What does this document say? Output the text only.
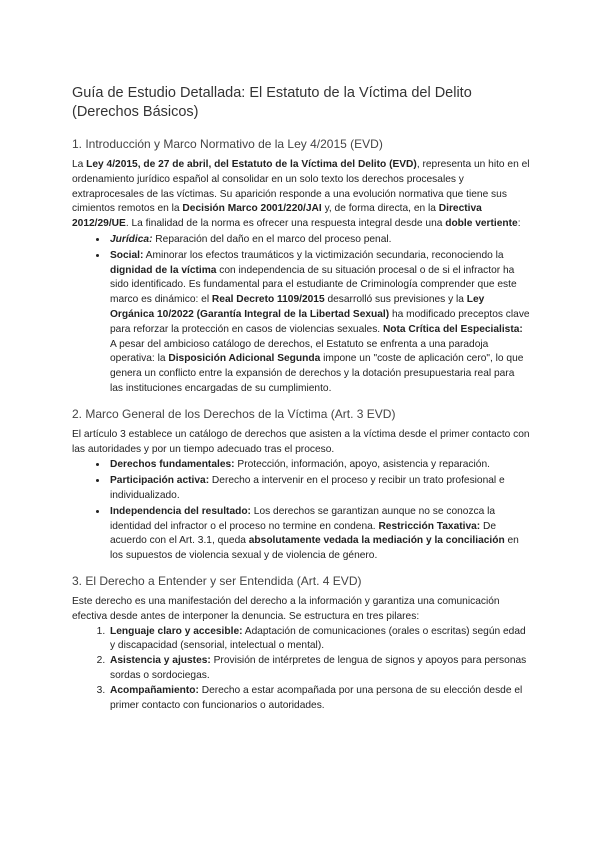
Guía de Estudio Detallada: El Estatuto de la Víctima del Delito (Derechos Básicos)
1. Introducción y Marco Normativo de la Ley 4/2015 (EVD)

La Ley 4/2015, de 27 de abril, del Estatuto de la Víctima del Delito (EVD), representa un hito en el ordenamiento jurídico español al consolidar en un solo texto los derechos procesales y extraprocesales de las víctimas. Su aparición responde a una evolución normativa que tiene sus cimientos remotos en la Decisión Marco 2001/220/JAI y, de forma directa, en la Directiva 2012/29/UE. La finalidad de la norma es ofrecer una respuesta integral desde una doble vertiente:

• Jurídica: Reparación del daño en el marco del proceso penal.
• Social: Aminorar los efectos traumáticos y la victimización secundaria, reconociendo la dignidad de la víctima con independencia de su situación procesal o de si el infractor ha sido identificado. Es fundamental para el estudiante de Criminología comprender que este marco es dinámico: el Real Decreto 1109/2015 desarrolló sus previsiones y la Ley Orgánica 10/2022 (Garantía Integral de la Libertad Sexual) ha modificado preceptos clave para reforzar la protección en casos de violencias sexuales. Nota Crítica del Especialista: A pesar del ambicioso catálogo de derechos, el Estatuto se enfrenta a una paradoja operativa: la Disposición Adicional Segunda impone un "coste de aplicación cero", lo que genera un conflicto entre la expansión de derechos y la dotación presupuestaria real para las instituciones encargadas de su cumplimiento.
2. Marco General de los Derechos de la Víctima (Art. 3 EVD)

El artículo 3 establece un catálogo de derechos que asisten a la víctima desde el primer contacto con las autoridades y por un tiempo adecuado tras el proceso.

• Derechos fundamentales: Protección, información, apoyo, asistencia y reparación.
• Participación activa: Derecho a intervenir en el proceso y recibir un trato profesional e individualizado.
• Independencia del resultado: Los derechos se garantizan aunque no se conozca la identidad del infractor o el proceso no termine en condena. Restricción Taxativa: De acuerdo con el Art. 3.1, queda absolutamente vedada la mediación y la conciliación en los supuestos de violencia sexual y de violencia de género.
3. El Derecho a Entender y ser Entendida (Art. 4 EVD)

Este derecho es una manifestación del derecho a la información y garantiza una comunicación efectiva desde antes de interponer la denuncia. Se estructura en tres pilares:

1. Lenguaje claro y accesible: Adaptación de comunicaciones (orales o escritas) según edad y discapacidad (sensorial, intelectual o mental).
2. Asistencia y ajustes: Provisión de intérpretes de lengua de signos y apoyos para personas sordas o sordociegas.
3. Acompañamiento: Derecho a estar acompañada por una persona de su elección desde el primer contacto con funcionarios o autoridades.
